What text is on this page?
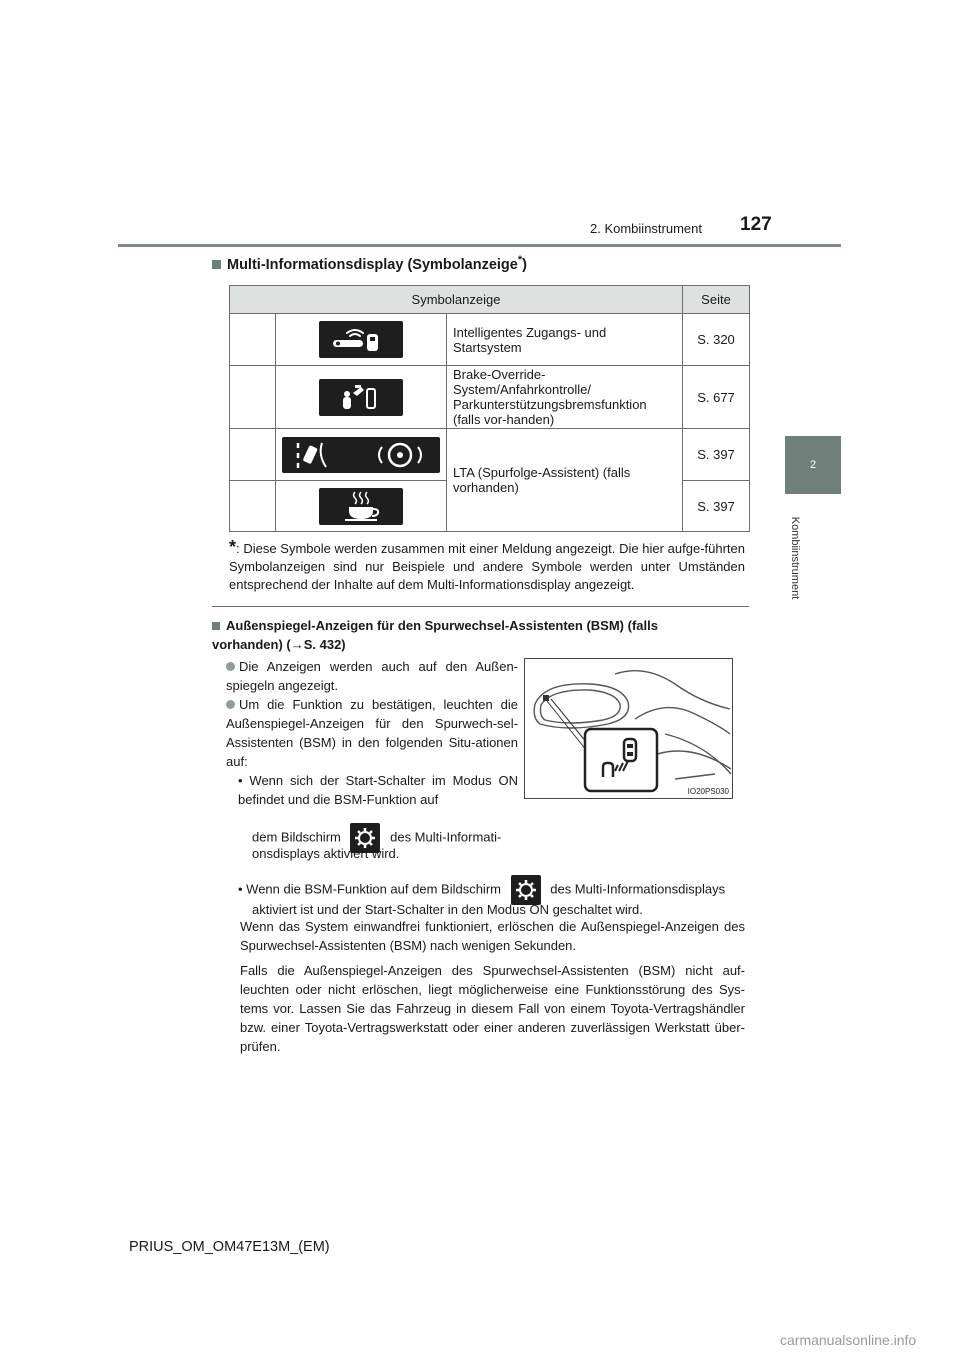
2. Kombiinstrument 127
2
Kombiinstrument
Multi-Informationsdisplay (Symbolanzeige*)
Symbolanzeige			Seite

	Intelligentes Zugangs- und Startsystem	S. 320

	Brake-Override-System/Anfahrkontrolle/ Parkunterstützungsbremsfunktion (falls vor-handen)	S. 677

	LTA (Spurfolge-Assistent) (falls vorhanden)	S. 397

	S. 397
*: Diese Symbole werden zusammen mit einer Meldung angezeigt. Die hier aufge-führten Symbolanzeigen sind nur Beispiele und andere Symbole werden unter Umständen entsprechend der Inhalte auf dem Multi-Informationsdisplay angezeigt.
Außenspiegel-Anzeigen für den Spurwechsel-Assistenten (BSM) (falls vorhanden) (→S. 432)
Die Anzeigen werden auch auf den Außen-spiegeln angezeigt.
Um die Funktion zu bestätigen, leuchten die Außenspiegel-Anzeigen für den Spurwech-sel-Assistenten (BSM) in den folgenden Situ-ationen auf:
• Wenn sich der Start-Schalter im Modus ON befindet und die BSM-Funktion auf
dem Bildschirm	des Multi-Informati-
onsdisplays aktiviert wird.
• Wenn die BSM-Funktion auf dem Bildschirm	des Multi-Informationsdisplays
aktiviert ist und der Start-Schalter in den Modus ON geschaltet wird.
Wenn das System einwandfrei funktioniert, erlöschen die Außenspiegel-Anzeigen des Spurwechsel-Assistenten (BSM) nach wenigen Sekunden.
Falls die Außenspiegel-Anzeigen des Spurwechsel-Assistenten (BSM) nicht auf-leuchten oder nicht erlöschen, liegt möglicherweise eine Funktionsstörung des Sys-tems vor. Lassen Sie das Fahrzeug in diesem Fall von einem Toyota-Vertragshändler bzw. einer Toyota-Vertragswerkstatt oder einer anderen zuverlässigen Werkstatt über-prüfen.
IO20PS030
PRIUS_OM_OM47E13M_(EM)
carmanualsonline.info
